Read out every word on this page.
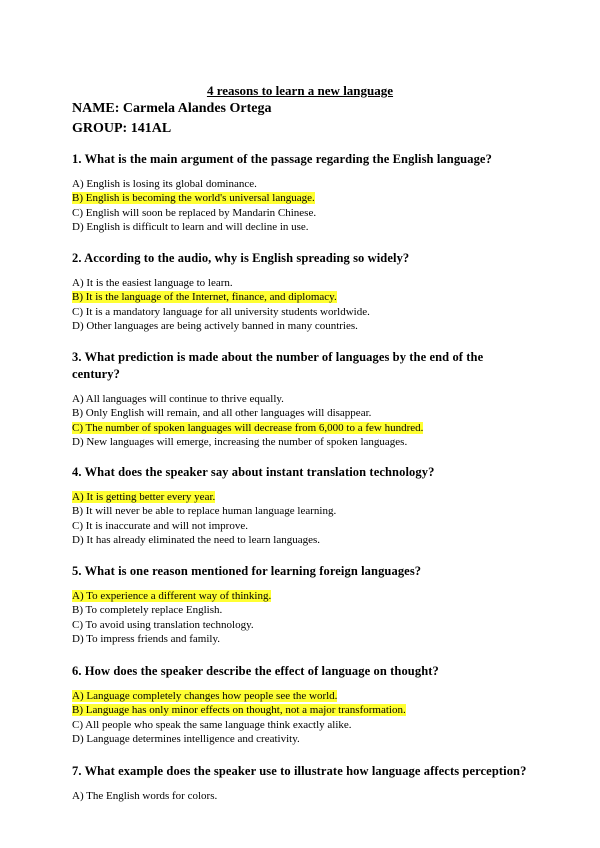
4 reasons to learn a new language
NAME: Carmela Alandes Ortega
GROUP: 141AL

1. What is the main argument of the passage regarding the English language?

A) English is losing its global dominance.
B) English is becoming the world's universal language.
C) English will soon be replaced by Mandarin Chinese.
D) English is difficult to learn and will decline in use.

2. According to the audio, why is English spreading so widely?

A) It is the easiest language to learn.
B) It is the language of the Internet, finance, and diplomacy.
C) It is a mandatory language for all university students worldwide.
D) Other languages are being actively banned in many countries.

3. What prediction is made about the number of languages by the end of the century?

A) All languages will continue to thrive equally.
B) Only English will remain, and all other languages will disappear.
C) The number of spoken languages will decrease from 6,000 to a few hundred.
D) New languages will emerge, increasing the number of spoken languages.

4. What does the speaker say about instant translation technology?

A) It is getting better every year.
B) It will never be able to replace human language learning.
C) It is inaccurate and will not improve.
D) It has already eliminated the need to learn languages.

5. What is one reason mentioned for learning foreign languages?

A) To experience a different way of thinking.
B) To completely replace English.
C) To avoid using translation technology.
D) To impress friends and family.

6. How does the speaker describe the effect of language on thought?

A) Language completely changes how people see the world.
B) Language has only minor effects on thought, not a major transformation.
C) All people who speak the same language think exactly alike.
D) Language determines intelligence and creativity.

7. What example does the speaker use to illustrate how language affects perception?

A) The English words for colors.
